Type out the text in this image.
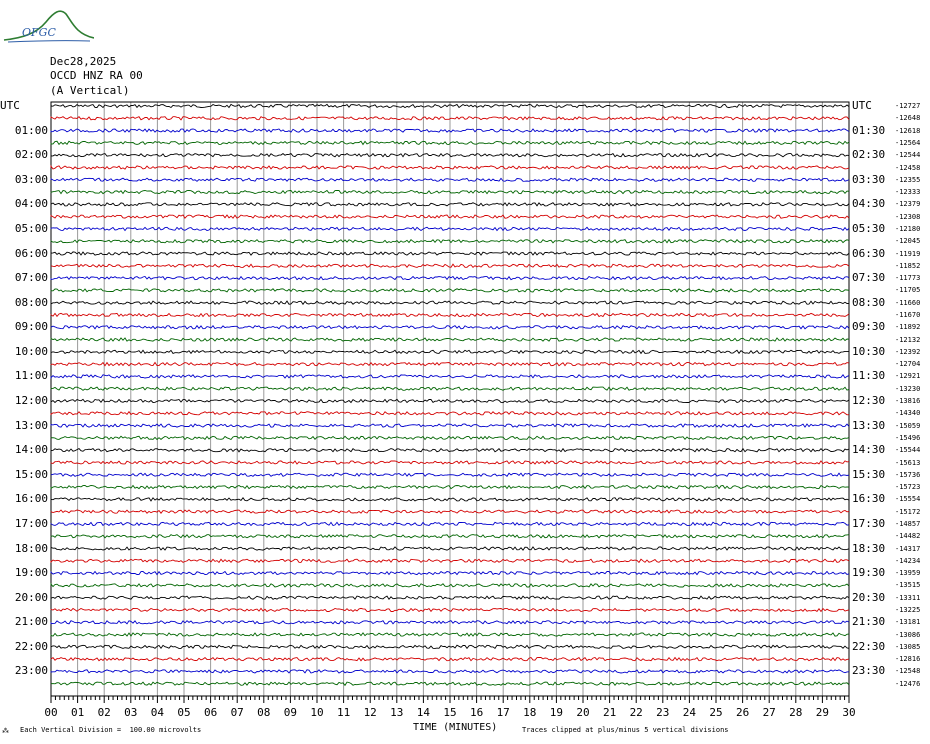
OFGC
Dec28,2025
OCCD HNZ RA 00
(A Vertical)
UTC	UTC
00 01 02 03 04 05 06 07 08 09 10 11 12 13 14 15 16 17 18 19 20 21 22 23 24 25 26 27 28 29 30
01:00
02:00
03:00
04:00
05:00
06:00
07:00
08:00
09:00
10:00
11:00
12:00
13:00
14:00
15:00
16:00
17:00
18:00
19:00
20:00
21:00
22:00
23:00
01:30
02:30
03:30
04:30
05:30
06:30
07:30
08:30
09:30
10:30
11:30
12:30
13:30
14:30
15:30
16:30
17:30
18:30
19:30
20:30
21:30
22:30
23:30
-12727
-12648
-12618
-12564
-12544
-12458
-12355
-12333
-12379
-12308
-12180
-12045
-11919
-11852
-11773
-11705
-11660
-11670
-11892
-12132
-12392
-12704
-12921
-13230
-13816
-14340
-15059
-15496
-15544
-15613
-15736
-15723
-15554
-15172
-14857
-14482
-14317
-14234
-13959
-13515
-13311
-13225
-13181
-13086
-13085
-12816
-12548
-12476
⁂ Each Vertical Division =  100.00 microvolts	TIME (MINUTES)	Traces clipped at plus/minus 5 vertical divisions
